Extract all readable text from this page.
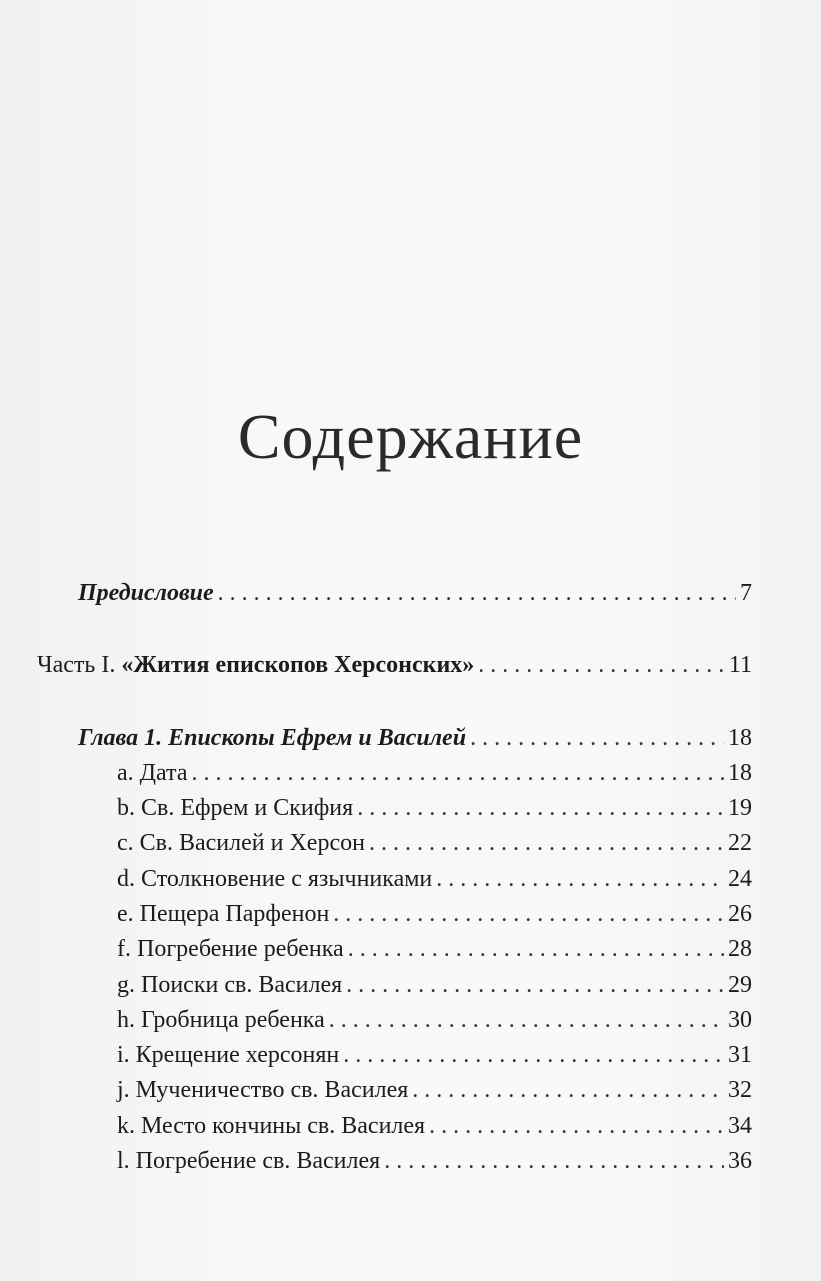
Содержание
Предисловие . . .	7
Часть I. «Жития епископов Херсонских» . . .	11
Глава 1. Епископы Ефрем и Василей . . .	18
a. Дата . . .	18
b. Св. Ефрем и Скифия . . .	19
c. Св. Василей и Херсон . . .	22
d. Столкновение с язычниками . . .	24
e. Пещера Парфенон . . .	26
f. Погребение ребенка . . .	28
g. Поиски св. Василея . . .	29
h. Гробница ребенка . . .	30
i. Крещение херсонян . . .	31
j. Мученичество св. Василея . . .	32
k. Место кончины св. Василея . . .	34
l. Погребение св. Василея . . .	36
